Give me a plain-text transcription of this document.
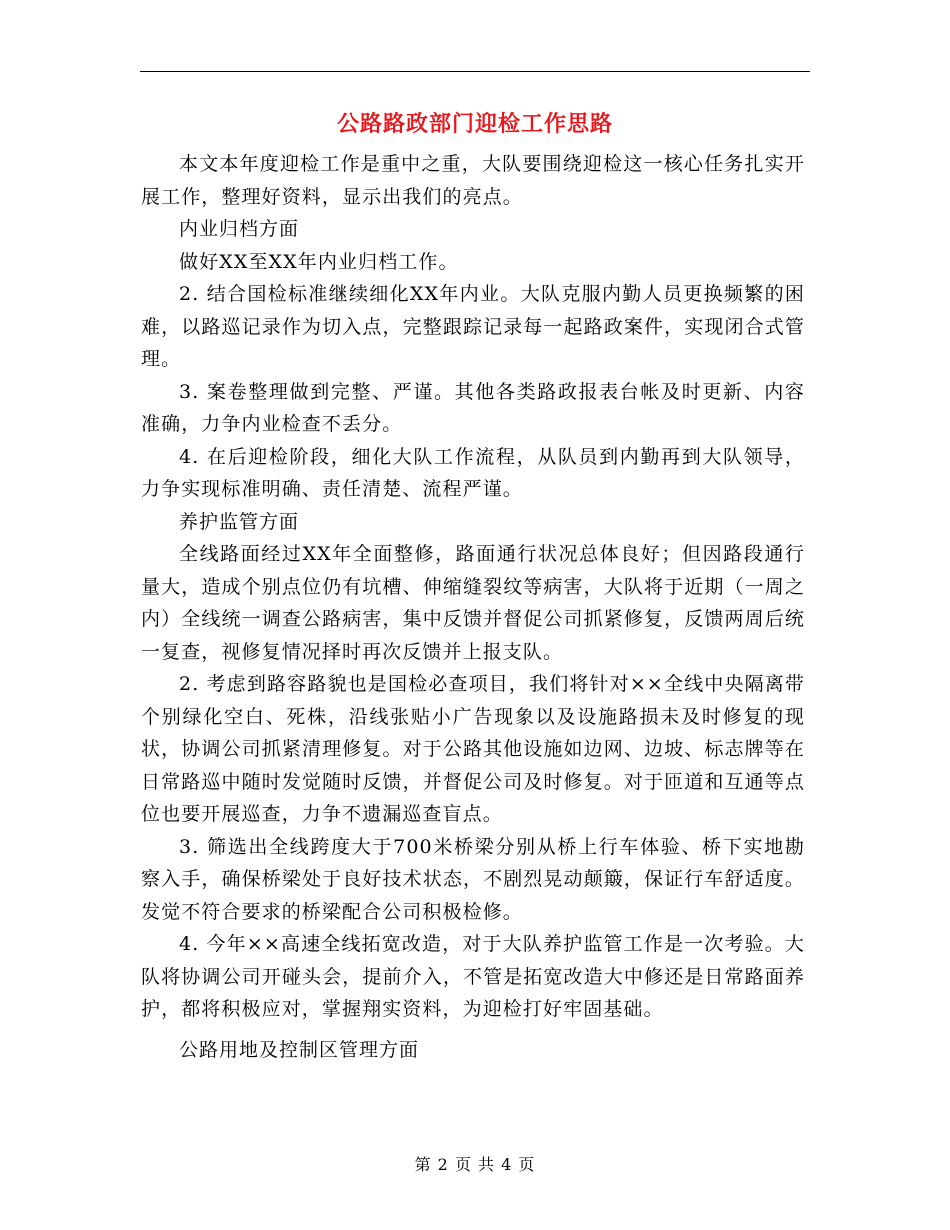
公路路政部门迎检工作思路

本文本年度迎检工作是重中之重，大队要围绕迎检这一核心任务扎实开展工作，整理好资料，显示出我们的亮点。

内业归档方面

做好XX至XX年内业归档工作。

2. 结合国检标准继续细化XX年内业。大队克服内勤人员更换频繁的困难，以路巡记录作为切入点，完整跟踪记录每一起路政案件，实现闭合式管理。

3. 案卷整理做到完整、严谨。其他各类路政报表台帐及时更新、内容准确，力争内业检查不丢分。

4. 在后迎检阶段，细化大队工作流程，从队员到内勤再到大队领导，力争实现标准明确、责任清楚、流程严谨。

养护监管方面

全线路面经过XX年全面整修，路面通行状况总体良好；但因路段通行量大，造成个别点位仍有坑槽、伸缩缝裂纹等病害，大队将于近期（一周之内）全线统一调查公路病害，集中反馈并督促公司抓紧修复，反馈两周后统一复查，视修复情况择时再次反馈并上报支队。

2. 考虑到路容路貌也是国检必查项目，我们将针对××全线中央隔离带个别绿化空白、死株，沿线张贴小广告现象以及设施路损未及时修复的现状，协调公司抓紧清理修复。对于公路其他设施如边网、边坡、标志牌等在日常路巡中随时发觉随时反馈，并督促公司及时修复。对于匝道和互通等点位也要开展巡查，力争不遗漏巡查盲点。

3. 筛选出全线跨度大于700米桥梁分别从桥上行车体验、桥下实地勘察入手，确保桥梁处于良好技术状态，不剧烈晃动颠簸，保证行车舒适度。发觉不符合要求的桥梁配合公司积极检修。

4. 今年××高速全线拓宽改造，对于大队养护监管工作是一次考验。大队将协调公司开碰头会，提前介入，不管是拓宽改造大中修还是日常路面养护，都将积极应对，掌握翔实资料，为迎检打好牢固基础。

公路用地及控制区管理方面

第 2 页 共 4 页
